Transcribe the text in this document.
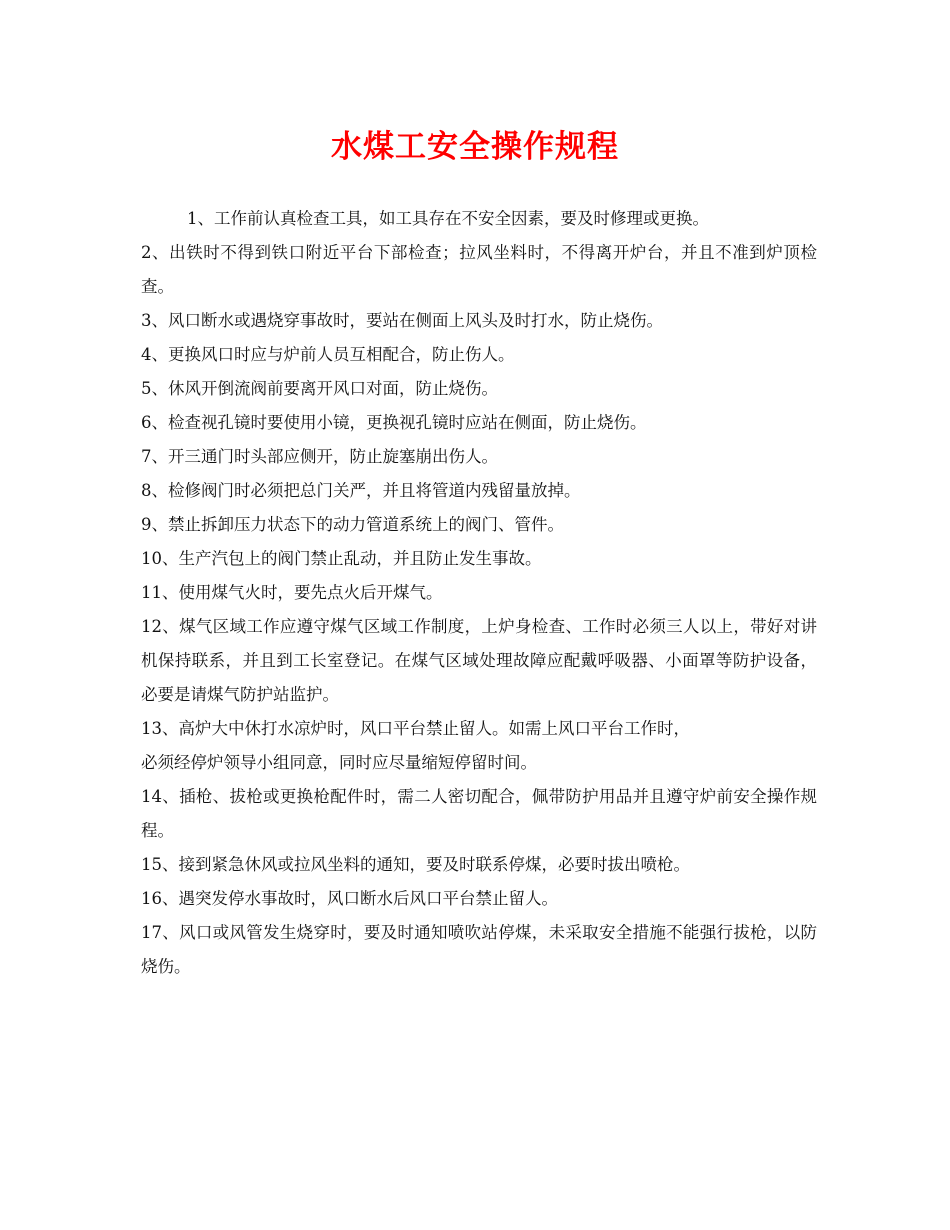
水煤工安全操作规程

1、工作前认真检查工具，如工具存在不安全因素，要及时修理或更换。

2、出铁时不得到铁口附近平台下部检查；拉风坐料时，不得离开炉台，并且不准到炉顶检查。

3、风口断水或遇烧穿事故时，要站在侧面上风头及时打水，防止烧伤。

4、更换风口时应与炉前人员互相配合，防止伤人。

5、休风开倒流阀前要离开风口对面，防止烧伤。

6、检查视孔镜时要使用小镜，更换视孔镜时应站在侧面，防止烧伤。

7、开三通门时头部应侧开，防止旋塞崩出伤人。

8、检修阀门时必须把总门关严，并且将管道内残留量放掉。

9、禁止拆卸压力状态下的动力管道系统上的阀门、管件。

10、生产汽包上的阀门禁止乱动，并且防止发生事故。

11、使用煤气火时，要先点火后开煤气。

12、煤气区域工作应遵守煤气区域工作制度，上炉身检查、工作时必须三人以上，带好对讲机保持联系，并且到工长室登记。在煤气区域处理故障应配戴呼吸器、小面罩等防护设备，必要是请煤气防护站监护。

13、高炉大中休打水凉炉时，风口平台禁止留人。如需上风口平台工作时，

必须经停炉领导小组同意，同时应尽量缩短停留时间。

14、插枪、拔枪或更换枪配件时，需二人密切配合，佩带防护用品并且遵守炉前安全操作规程。

15、接到紧急休风或拉风坐料的通知，要及时联系停煤，必要时拔出喷枪。

16、遇突发停水事故时，风口断水后风口平台禁止留人。

17、风口或风管发生烧穿时，要及时通知喷吹站停煤，未采取安全措施不能强行拔枪，以防烧伤。
